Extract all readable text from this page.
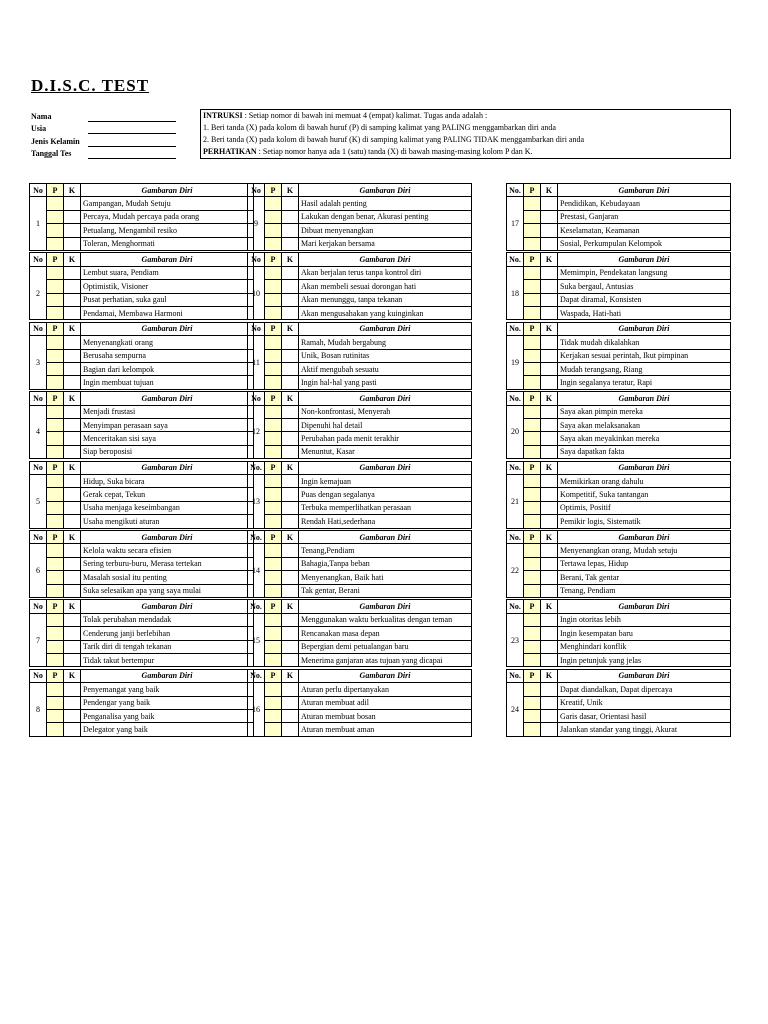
D.I.S.C. TEST
Nama
Usia
Jenis Kelamin
Tanggal Tes
INTRUKSI : Setiap nomor di bawah ini memuat 4 (empat) kalimat. Tugas anda adalah :
1. Beri tanda (X) pada kolom di bawah huruf (P) di samping kalimat yang PALING menggambarkan diri anda
2. Beri tanda (X) pada kolom di bawah huruf (K) di samping kalimat yang PALING TIDAK menggambarkan diri anda
PERHATIKAN : Setiap nomor hanya ada 1 (satu) tanda (X) di bawah masing-masing kolom P dan K.
No	P	K	Gambaran Diri
1			Gampangan, Mudah Setuju
			Percaya, Mudah percaya pada orang
			Petualang, Mengambil resiko
			Toleran, Menghormati
No	P	K	Gambaran Diri
2			Lembut suara, Pendiam
			Optimistik, Visioner
			Pusat perhatian, suka gaul
			Pendamai, Membawa Harmoni
No	P	K	Gambaran Diri
3			Menyenangkati orang
			Berusaha sempurna
			Bagian dari kelompok
			Ingin membuat tujuan
No	P	K	Gambaran Diri
4			Menjadi frustasi
			Menyimpan perasaan saya
			Menceritakan sisi saya
			Siap beroposisi
No	P	K	Gambaran Diri
5			Hidup, Suka bicara
			Gerak cepat, Tekun
			Usaha menjaga keseimbangan
			Usaha mengikuti aturan
No	P	K	Gambaran Diri
6			Kelola waktu secara efisien
			Sering terburu-buru, Merasa tertekan
			Masalah sosial itu penting
			Suka selesaikan apa yang saya mulai
No	P	K	Gambaran Diri
7			Tolak perubahan mendadak
			Cenderung janji berlebihan
			Tarik diri di tengah tekanan
			Tidak takut bertempur
No	P	K	Gambaran Diri
8			Penyemangat yang baik
			Pendengar yang baik
			Penganalisa yang baik
			Delegator yang baik
No	P	K	Gambaran Diri
9			Hasil adalah penting
			Lakukan dengan benar, Akurasi penting
			Dibuat menyenangkan
			Mari kerjakan bersama
No	P	K	Gambaran Diri
10			Akan berjalan terus tanpa kontrol diri
			Akan membeli sesuai dorongan hati
			Akan menunggu, tanpa tekanan
			Akan mengusahakan yang kuinginkan
No	P	K	Gambaran Diri
11			Ramah, Mudah bergabung
			Unik, Bosan rutinitas
			Aktif mengubah sesuatu
			Ingin hal-hal yang pasti
No	P	K	Gambaran Diri
12			Non-konfrontasi, Menyerah
			Dipenuhi hal detail
			Perubahan pada menit terakhir
			Menuntut, Kasar
No.	P	K	Gambaran Diri
13			Ingin kemajuan
			Puas dengan segalanya
			Terbuka memperlihatkan perasaan
			Rendah Hati,sederhana
No.	P	K	Gambaran Diri
14			Tenang,Pendiam
			Bahagia,Tanpa beban
			Menyenangkan, Baik hati
			Tak gentar, Berani
No.	P	K	Gambaran Diri
15			Menggunakan waktu berkualitas dengan teman
			Rencanakan masa depan
			Bepergian demi petualangan baru
			Menerima ganjaran atas tujuan yang dicapai
No.	P	K	Gambaran Diri
16			Aturan perlu dipertanyakan
			Aturan membuat adil
			Aturan membuat bosan
			Aturan membuat aman
No.	P	K	Gambaran Diri
17			Pendidikan, Kebudayaan
			Prestasi, Ganjaran
			Keselamatan, Keamanan
			Sosial, Perkumpulan Kelompok
No.	P	K	Gambaran Diri
18			Memimpin, Pendekatan langsung
			Suka bergaul, Antusias
			Dapat diramal, Konsisten
			Waspada, Hati-hati
No.	P	K	Gambaran Diri
19			Tidak mudah dikalahkan
			Kerjakan sesuai perintah, Ikut pimpinan
			Mudah terangsang, Riang
			Ingin segalanya teratur, Rapi
No.	P	K	Gambaran Diri
20			Saya akan pimpin mereka
			Saya akan melaksanakan
			Saya akan meyakinkan mereka
			Saya dapatkan fakta
No.	P	K	Gambaran Diri
21			Memikirkan orang dahulu
			Kompetitif, Suka tantangan
			Optimis, Positif
			Pemikir logis, Sistematik
No.	P	K	Gambaran Diri
22			Menyenangkan orang, Mudah setuju
			Tertawa lepas, Hidup
			Berani, Tak gentar
			Tenang, Pendiam
No.	P	K	Gambaran Diri
23			Ingin otoritas lebih
			Ingin kesempatan baru
			Menghindari konflik
			Ingin petunjuk yang jelas
No.	P	K	Gambaran Diri
24			Dapat diandalkan, Dapat dipercaya
			Kreatif, Unik
			Garis dasar, Orientasi hasil
			Jalankan standar yang tinggi, Akurat
